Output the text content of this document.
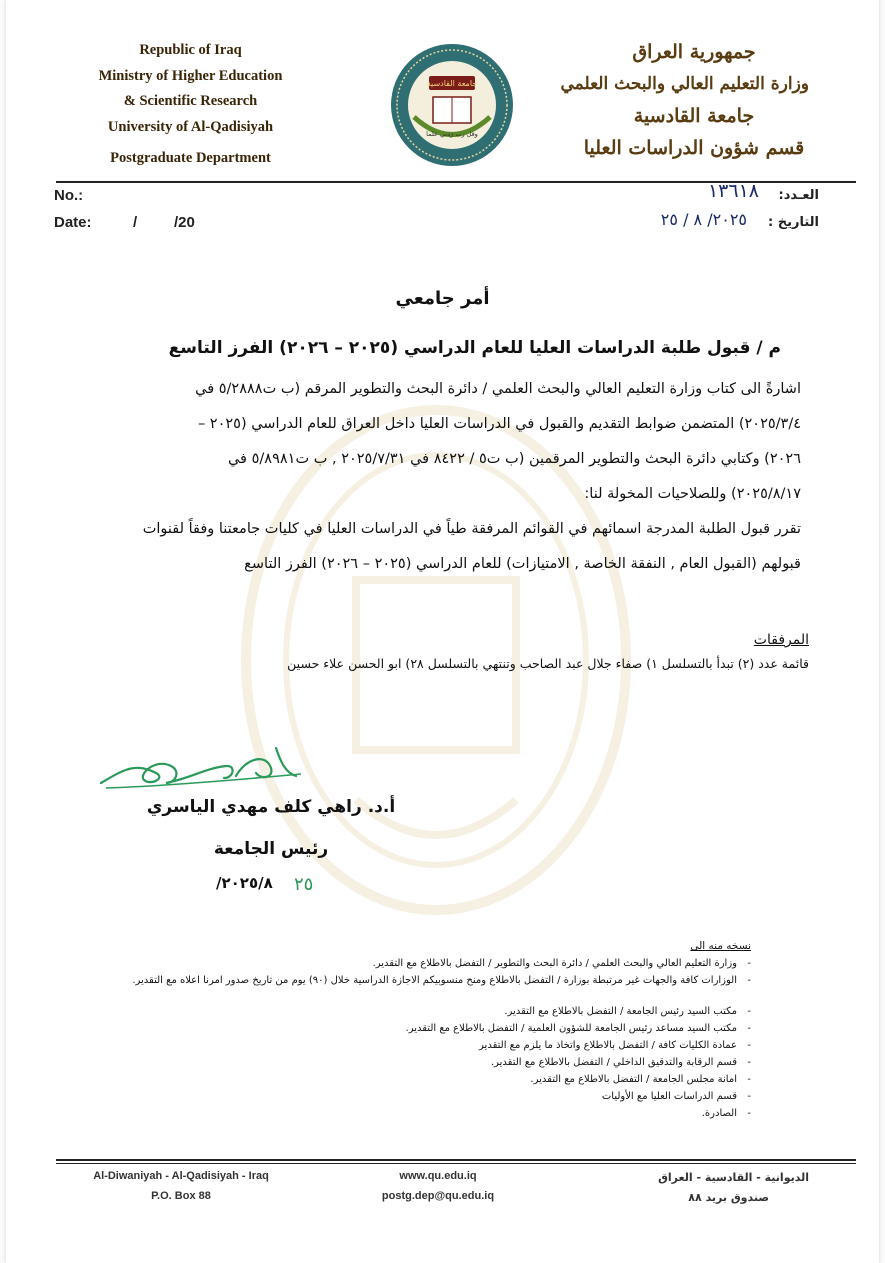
Republic of Iraq
Ministry of Higher Education
& Scientific Research
University of Al-Qadisiyah
Postgraduate Department
جامعة القادسية
وقل رب زدني علما
جمهورية العراق
وزارة التعليم العالي والبحث العلمي
جامعة القادسية
قسم شؤون الدراسات العليا
No.:
Date:	/ /20
العـدد:
١٣٦١٨
التاريخ :
٢٠٢٥/ ٨ / ٢٥
أمر جامعي
م / قبول طلبة الدراسات العليا للعام الدراسي (٢٠٢٥ – ٢٠٢٦) الفرز التاسع

اشارةً الى كتاب وزارة التعليم العالي والبحث العلمي / دائرة البحث والتطوير المرقم (ب ت٥/٢٨٨٨ في

٢٠٢٥/٣/٤) المتضمن ضوابط التقديم والقبول في الدراسات العليا داخل العراق للعام الدراسي (٢٠٢٥ –

٢٠٢٦) وكتابي دائرة البحث والتطوير المرقمين (ب ت٥ / ٨٤٢٢ في ٢٠٢٥/٧/٣١ , ب ت٥/٨٩٨١ في

٢٠٢٥/٨/١٧) وللصلاحيات المخولة لنا:

تقرر قبول الطلبة المدرجة اسمائهم في القوائم المرفقة طياً في الدراسات العليا في كليات جامعتنا وفقاً لقنوات

قبولهم (القبول العام , النفقة الخاصة , الامتيازات) للعام الدراسي (٢٠٢٥ – ٢٠٢٦) الفرز التاسع

المرفقات
قائمة عدد (٢) تبدأ بالتسلسل ١) صفاء جلال عبد الصاحب وتنتهي بالتسلسل ٢٨) ابو الحسن علاء حسين
أ.د. راهي كلف مهدي الياسري
رئيس الجامعة
٢٠٢٥/٨/ ٢٥
نسخه منه الى
-وزارة التعليم العالي والبحث العلمي / دائرة البحث والتطوير / التفضل بالاطلاع مع التقدير.
-الوزارات كافة والجهات غير مرتبطة بوزارة / التفضل بالاطلاع ومنح منسوبيكم الاجازة الدراسية خلال (٩٠) يوم من تاريخ صدور امرنا اعلاه مع التقدير.
-مكتب السيد رئيس الجامعة / التفضل بالاطلاع مع التقدير.
-مكتب السيد مساعد رئيس الجامعة للشؤون العلمية / التفضل بالاطلاع مع التقدير.
-عمادة الكليات كافة / التفضل بالاطلاع واتخاذ ما يلزم مع التقدير
-قسم الرقابة والتدقيق الداخلي / التفضل بالاطلاع مع التقدير.
-امانة مجلس الجامعة / التفضل بالاطلاع مع التقدير.
-قسم الدراسات العليا مع الأوليات
-الصادرة.
Al-Diwaniyah - Al-Qadisiyah - Iraq
P.O. Box 88
www.qu.edu.iq
postg.dep@qu.edu.iq
الديوانية - القادسية - العراق
صندوق بريد ٨٨
